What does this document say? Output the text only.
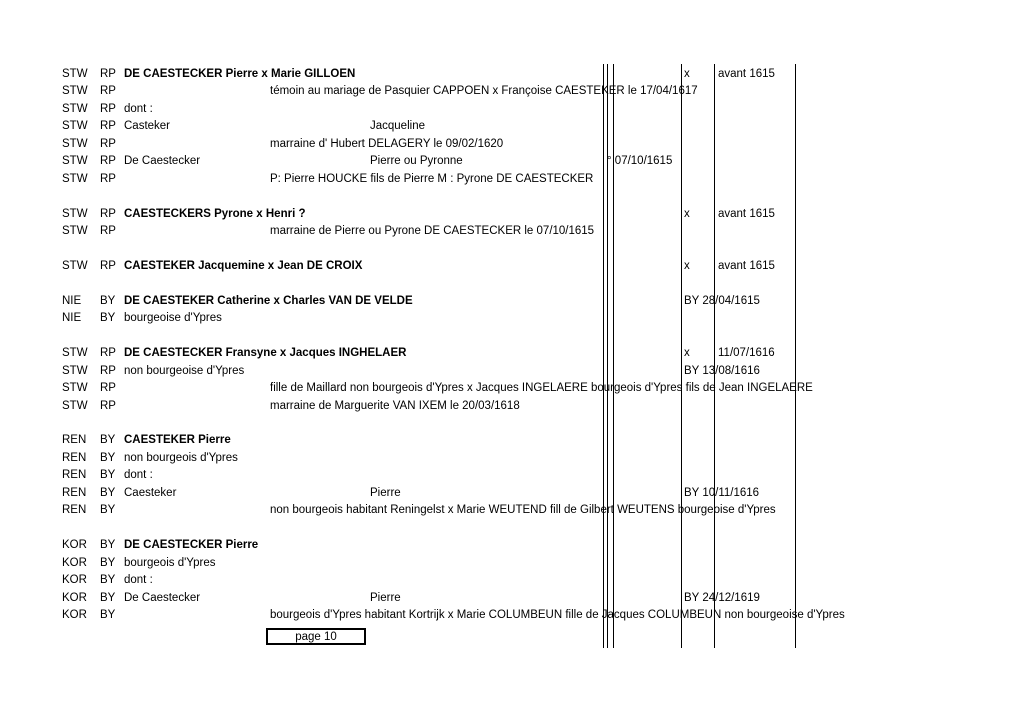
STW RP DE CAESTECKER Pierre x Marie GILLOEN	x avant 1615
STW RP	témoin au mariage de Pasquier CAPPOEN x Françoise CAESTEKER le 17/04/1617
STW RP dont :
STW RP Casteker	Jacqueline
STW RP	marraine d' Hubert DELAGERY le 09/02/1620
STW RP De Caestecker	Pierre ou Pyronne	° 07/10/1615
STW RP	P: Pierre HOUCKE fils de Pierre M : Pyrone DE CAESTECKER
STW RP CAESTECKERS Pyrone x Henri ?	x avant 1615
STW RP	marraine de Pierre ou Pyrone DE CAESTECKER le 07/10/1615
STW RP CAESTEKER Jacquemine x Jean DE CROIX	x avant 1615
NIE BY DE CAESTEKER Catherine x Charles VAN DE VELDE	BY 28/04/1615
NIE BY bourgeoise d'Ypres
STW RP DE CAESTECKER Fransyne x Jacques INGHELAER	x 11/07/1616
STW RP non bourgeoise d'Ypres	BY 13/08/1616
STW RP	fille de Maillard non bourgeois d'Ypres x Jacques INGELAERE bourgeois d'Ypres fils de Jean INGELAERE
STW RP	marraine de Marguerite VAN IXEM le 20/03/1618
REN BY CAESTEKER Pierre
REN BY non bourgeois d'Ypres
REN BY dont :
REN BY Caesteker	Pierre	BY 10/11/1616
REN BY	non bourgeois habitant Reningelst x Marie WEUTEND fill de Gilbert WEUTENS bourgeoise d'Ypres
KOR BY DE CAESTECKER Pierre
KOR BY bourgeois d'Ypres
KOR BY dont :
KOR BY De Caestecker	Pierre	BY 24/12/1619
KOR BY	bourgeois d'Ypres habitant Kortrijk x Marie COLUMBEUN fille de Jacques COLUMBEUN non bourgeoise d'Ypres
page 10
